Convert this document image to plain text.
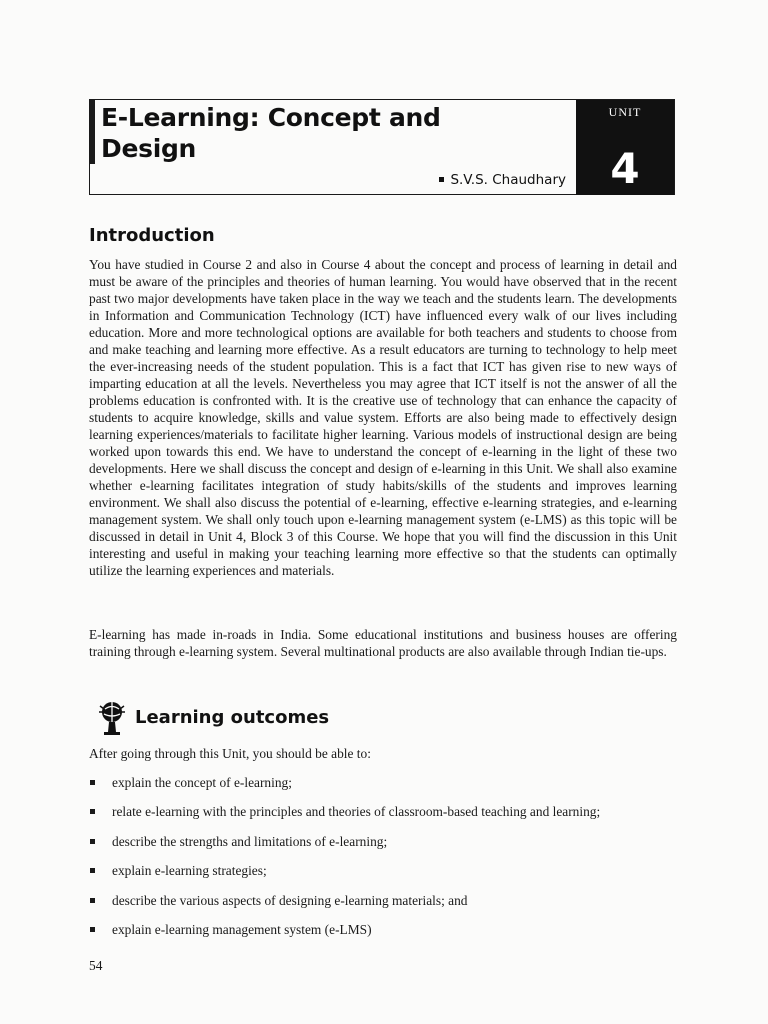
E-Learning: Concept and Design
S.V.S. Chaudhary
UNIT
4
Introduction

You have studied in Course 2 and also in Course 4 about the concept and process of learning in detail and must be aware of the principles and theories of human learning. You would have observed that in the recent past two major developments have taken place in the way we teach and the students learn. The developments in Information and Communication Technology (ICT) have influenced every walk of our lives including education. More and more technological options are available for both teachers and students to choose from and make teaching and learning more effective. As a result educators are turning to technology to help meet the ever-increasing needs of the student population. This is a fact that ICT has given rise to new ways of imparting education at all the levels. Nevertheless you may agree that ICT itself is not the answer of all the problems education is confronted with. It is the creative use of technology that can enhance the capacity of students to acquire knowledge, skills and value system. Efforts are also being made to effectively design learning experiences/materials to facilitate higher learning. Various models of instructional design are being worked upon towards this end. We have to understand the concept of e-learning in the light of these two developments. Here we shall discuss the concept and design of e-learning in this Unit. We shall also examine whether e-learning facilitates integration of study habits/skills of the students and improves learning environment. We shall also discuss the potential of e-learning, effective e-learning strategies, and e-learning management system. We shall only touch upon e-learning management system (e-LMS) as this topic will be discussed in detail in Unit 4, Block 3 of this Course. We hope that you will find the discussion in this Unit interesting and useful in making your teaching learning more effective so that the students can optimally utilize the learning experiences and materials.

E-learning has made in-roads in India. Some educational institutions and business houses are offering training through e-learning system. Several multinational products are also available through Indian tie-ups.

Learning outcomes

After going through this Unit, you should be able to:

explain the concept of e-learning;
relate e-learning with the principles and theories of classroom-based teaching and learning;
describe the strengths and limitations of e-learning;
explain e-learning strategies;
describe the various aspects of designing e-learning materials; and
explain e-learning management system (e-LMS)
54
